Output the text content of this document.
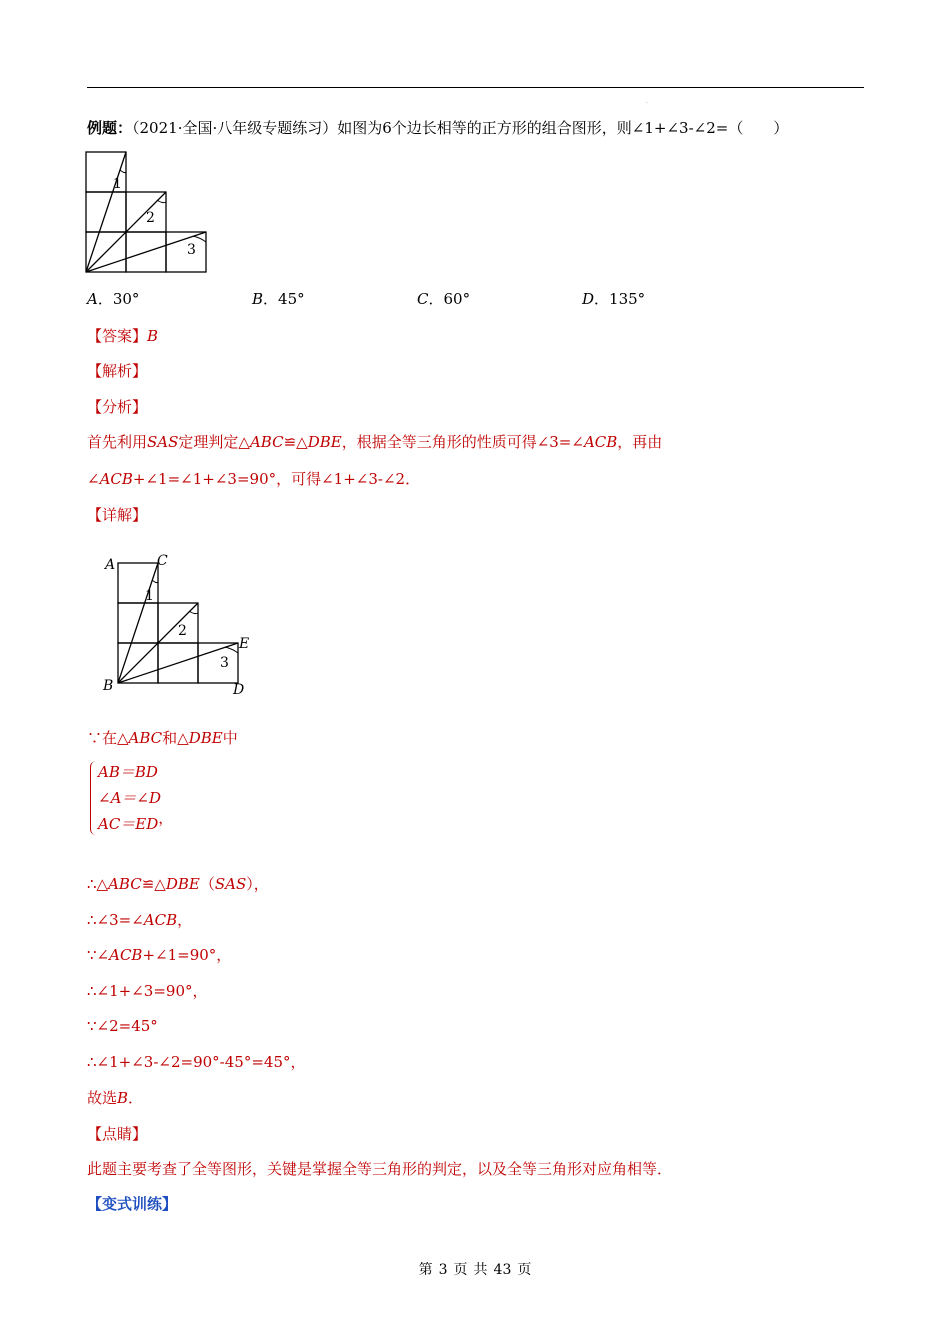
.
例题：（2021·全国·八年级专题练习）如图为6个边长相等的正方形的组合图形，则∠1+∠3-∠2=（　　）
1
2
3
A．30°	B．45°	C．60°	D．135°
【答案】B
【解析】
【分析】
首先利用SAS定理判定△ABC≌△DBE，根据全等三角形的性质可得∠3=∠ACB，再由
∠ACB+∠1=∠1+∠3=90°，可得∠1+∠3-∠2．
【详解】
A	C
B
E
D
1
2
3
∵在△ABC和△DBE中
AB＝BD
∠A＝∠D
AC＝ED，
∴△ABC≌△DBE（SAS），
∴∠3=∠ACB，
∵∠ACB+∠1=90°，
∴∠1+∠3=90°，
∵∠2=45°
∴∠1+∠3-∠2=90°-45°=45°，
故选B．
【点睛】
此题主要考查了全等图形，关键是掌握全等三角形的判定，以及全等三角形对应角相等．
【变式训练】
第 3 页 共 43 页
